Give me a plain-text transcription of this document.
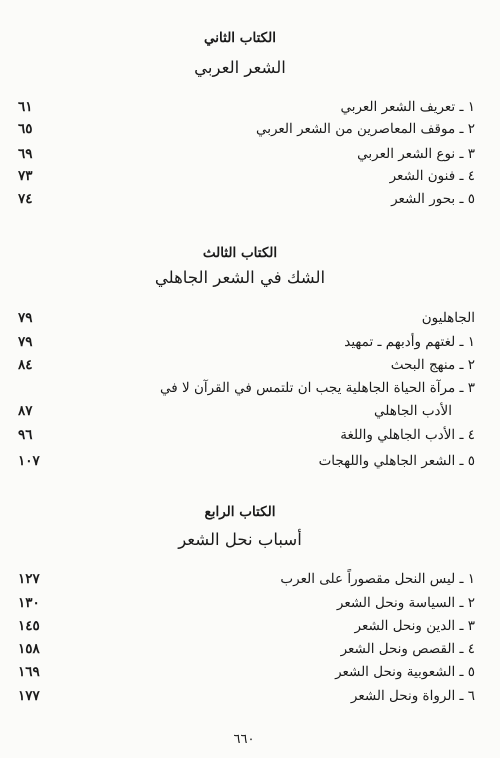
الكتاب الثاني
الشعر العربي
١ ـ تعريف الشعر العربي
٦١
٢ ـ موقف المعاصرين من الشعر العربي
٦٥
٣ ـ نوع الشعر العربي
٦٩
٤ ـ فنون الشعر
٧٣
٥ ـ بحور الشعر
٧٤
الكتاب الثالث
الشك في الشعر الجاهلي
الجاهليون
٧٩
١ ـ لغتهم وأدبهم ـ تمهيد
٧٩
٢ ـ منهج البحث
٨٤
٣ ـ مرآة الحياة الجاهلية يجب ان تلتمس في القرآن لا في
الأدب الجاهلي
٨٧
٤ ـ الأدب الجاهلي واللغة
٩٦
٥ ـ الشعر الجاهلي واللهجات
١٠٧
الكتاب الرابع
أسباب نحل الشعر
١ ـ ليس النحل مقصوراً على العرب
١٢٧
٢ ـ السياسة ونحل الشعر
١٣٠
٣ ـ الدين ونحل الشعر
١٤٥
٤ ـ القصص ونحل الشعر
١٥٨
٥ ـ الشعوبية ونحل الشعر
١٦٩
٦ ـ الرواة ونحل الشعر
١٧٧
٦٦٠
